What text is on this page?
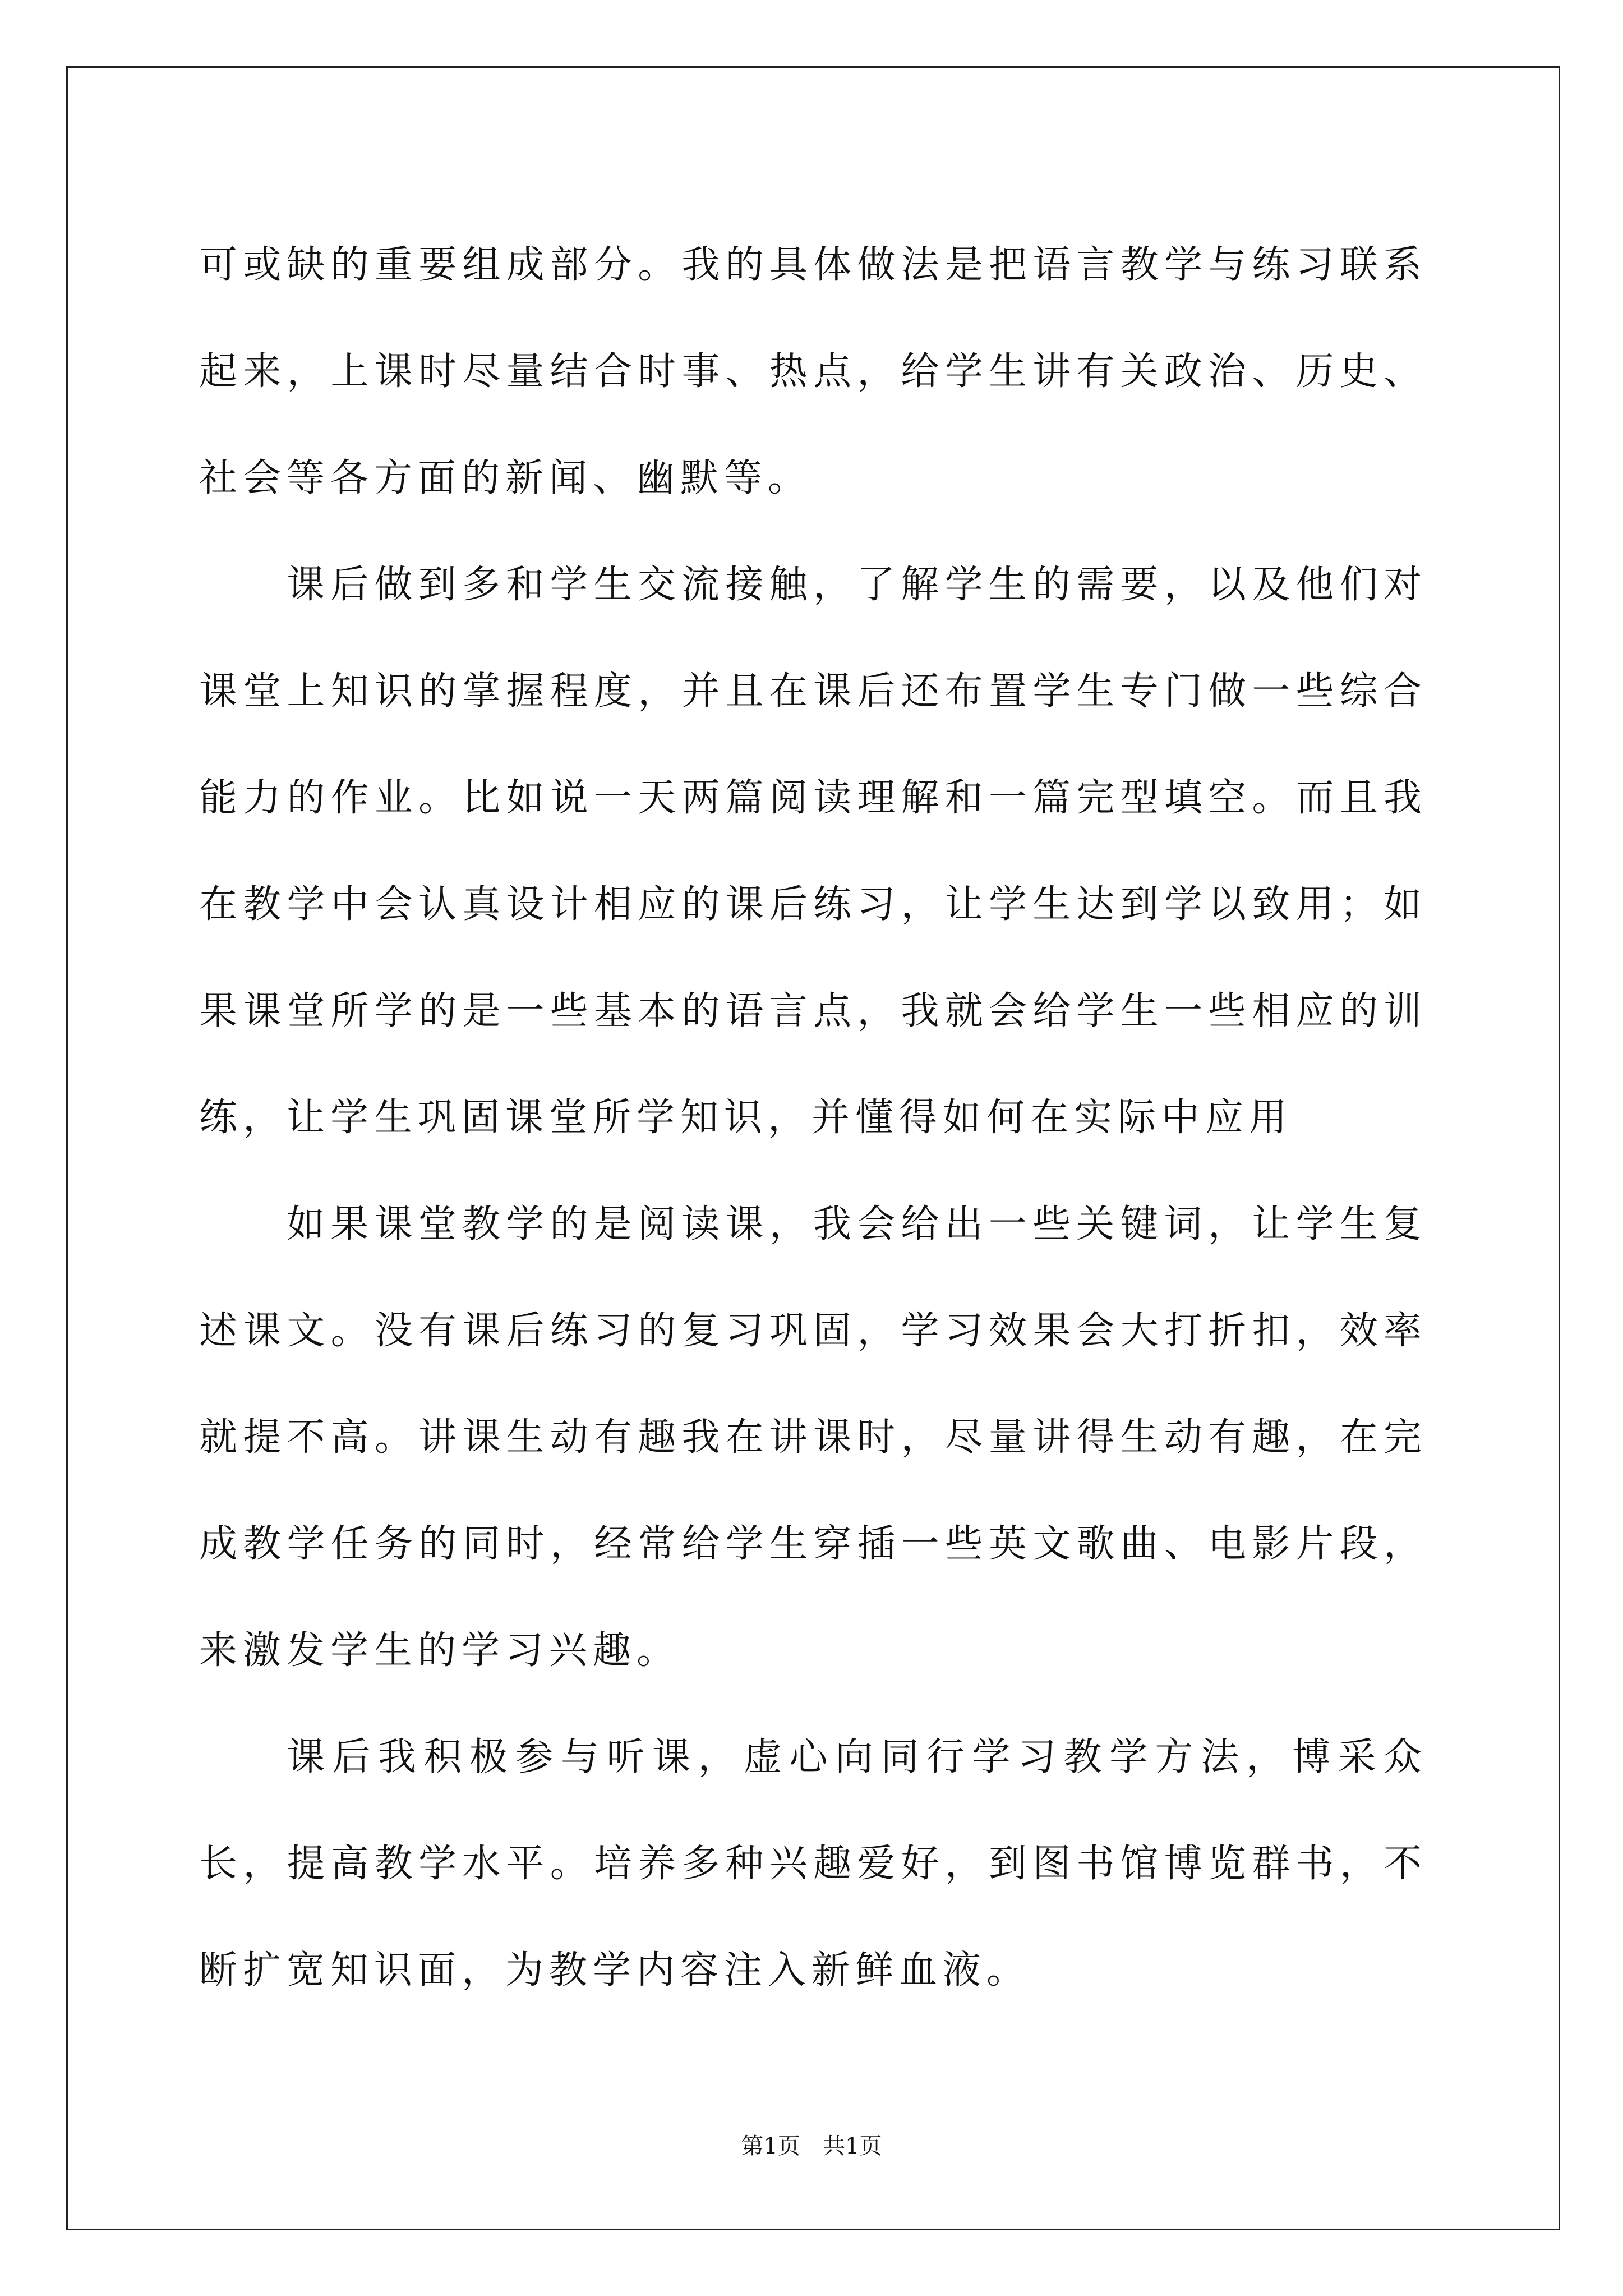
可或缺的重要组成部分。我的具体做法是把语言教学与练习联系起来，上课时尽量结合时事、热点，给学生讲有关政治、历史、社会等各方面的新闻、幽默等。

课后做到多和学生交流接触，了解学生的需要，以及他们对课堂上知识的掌握程度，并且在课后还布置学生专门做一些综合能力的作业。比如说一天两篇阅读理解和一篇完型填空。而且我在教学中会认真设计相应的课后练习，让学生达到学以致用；如果课堂所学的是一些基本的语言点，我就会给学生一些相应的训练，让学生巩固课堂所学知识，并懂得如何在实际中应用

如果课堂教学的是阅读课，我会给出一些关键词，让学生复述课文。没有课后练习的复习巩固，学习效果会大打折扣，效率就提不高。讲课生动有趣我在讲课时，尽量讲得生动有趣，在完成教学任务的同时，经常给学生穿插一些英文歌曲、电影片段，来激发学生的学习兴趣。

课后我积极参与听课，虚心向同行学习教学方法，博采众长，提高教学水平。培养多种兴趣爱好，到图书馆博览群书，不断扩宽知识面，为教学内容注入新鲜血液。

第1页　共1页
